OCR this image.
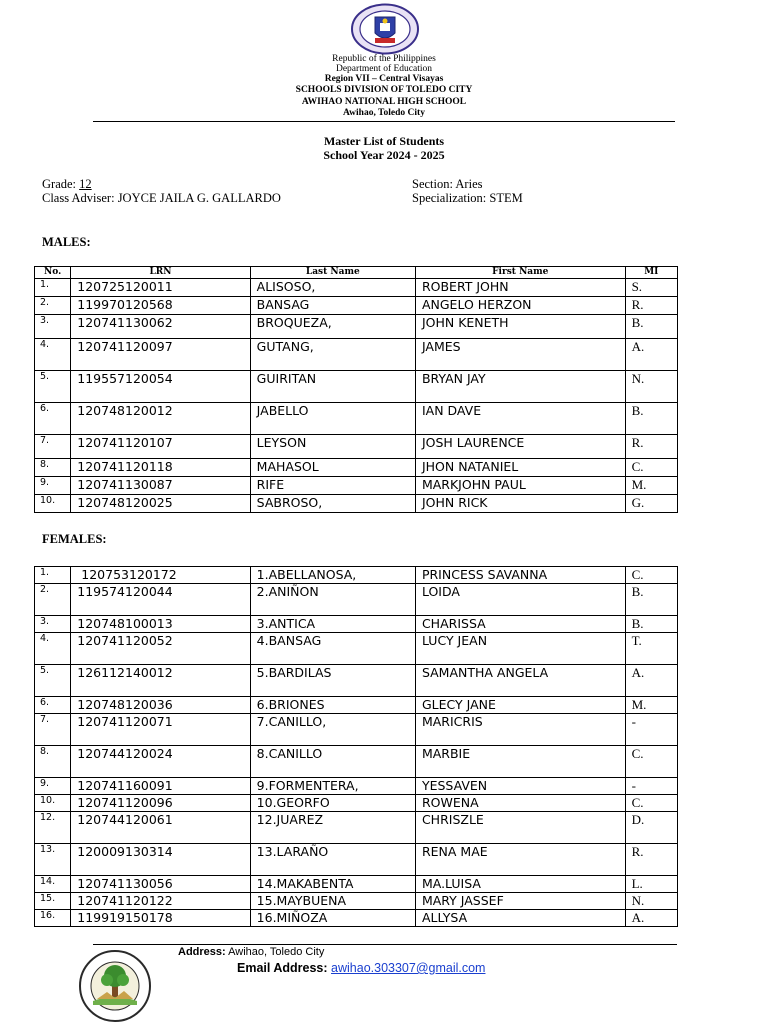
Republic of the Philippines
Department of Education
Region VII – Central Visayas
SCHOOLS DIVISION OF TOLEDO CITY
AWIHAO NATIONAL HIGH SCHOOL
Awihao, Toledo City
Master List of Students
School Year 2024 - 2025
Grade: 12
Class Adviser: JOYCE JAILA G. GALLARDO
Section: Aries
Specialization: STEM
MALES:
No.	LRN	Last Name	First Name	MI
1.	120725120011	ALISOSO,	ROBERT JOHN	S.
2.	119970120568	BANSAG	ANGELO HERZON	R.
3.	120741130062	BROQUEZA,	JOHN KENETH	B.
4.	120741120097	GUTANG,	JAMES	A.
5.	119557120054	GUIRITAN	BRYAN JAY	N.
6.	120748120012	JABELLO	IAN DAVE	B.
7.	120741120107	LEYSON	JOSH LAURENCE	R.
8.	120741120118	MAHASOL	JHON NATANIEL	C.
9.	120741130087	RIFE	MARKJOHN PAUL	M.
10.	120748120025	SABROSO,	JOHN RICK	G.
FEMALES:
1.	120753120172	1.ABELLANOSA,	PRINCESS SAVANNA	C.
2.	119574120044	2.ANIÑON	LOIDA	B.
3.	120748100013	3.ANTICA	CHARISSA	B.
4.	120741120052	4.BANSAG	LUCY JEAN	T.
5.	126112140012	5.BARDILAS	SAMANTHA ANGELA	A.
6.	120748120036	6.BRIONES	GLECY JANE	M.
7.	120741120071	7.CANILLO,	MARICRIS	-
8.	120744120024	8.CANILLO	MARBIE	C.
9.	120741160091	9.FORMENTERA,	YESSAVEN	-
10.	120741120096	10.GEORFO	ROWENA	C.
12.	120744120061	12.JUAREZ	CHRISZLE	D.
13.	120009130314	13.LARAÑO	RENA MAE	R.
14.	120741130056	14.MAKABENTA	MA.LUISA	L.
15.	120741120122	15.MAYBUENA	MARY JASSEF	N.
16.	119919150178	16.MIÑOZA	ALLYSA	A.
Address: Awihao, Toledo City
Email Address: awihao.303307@gmail.com
